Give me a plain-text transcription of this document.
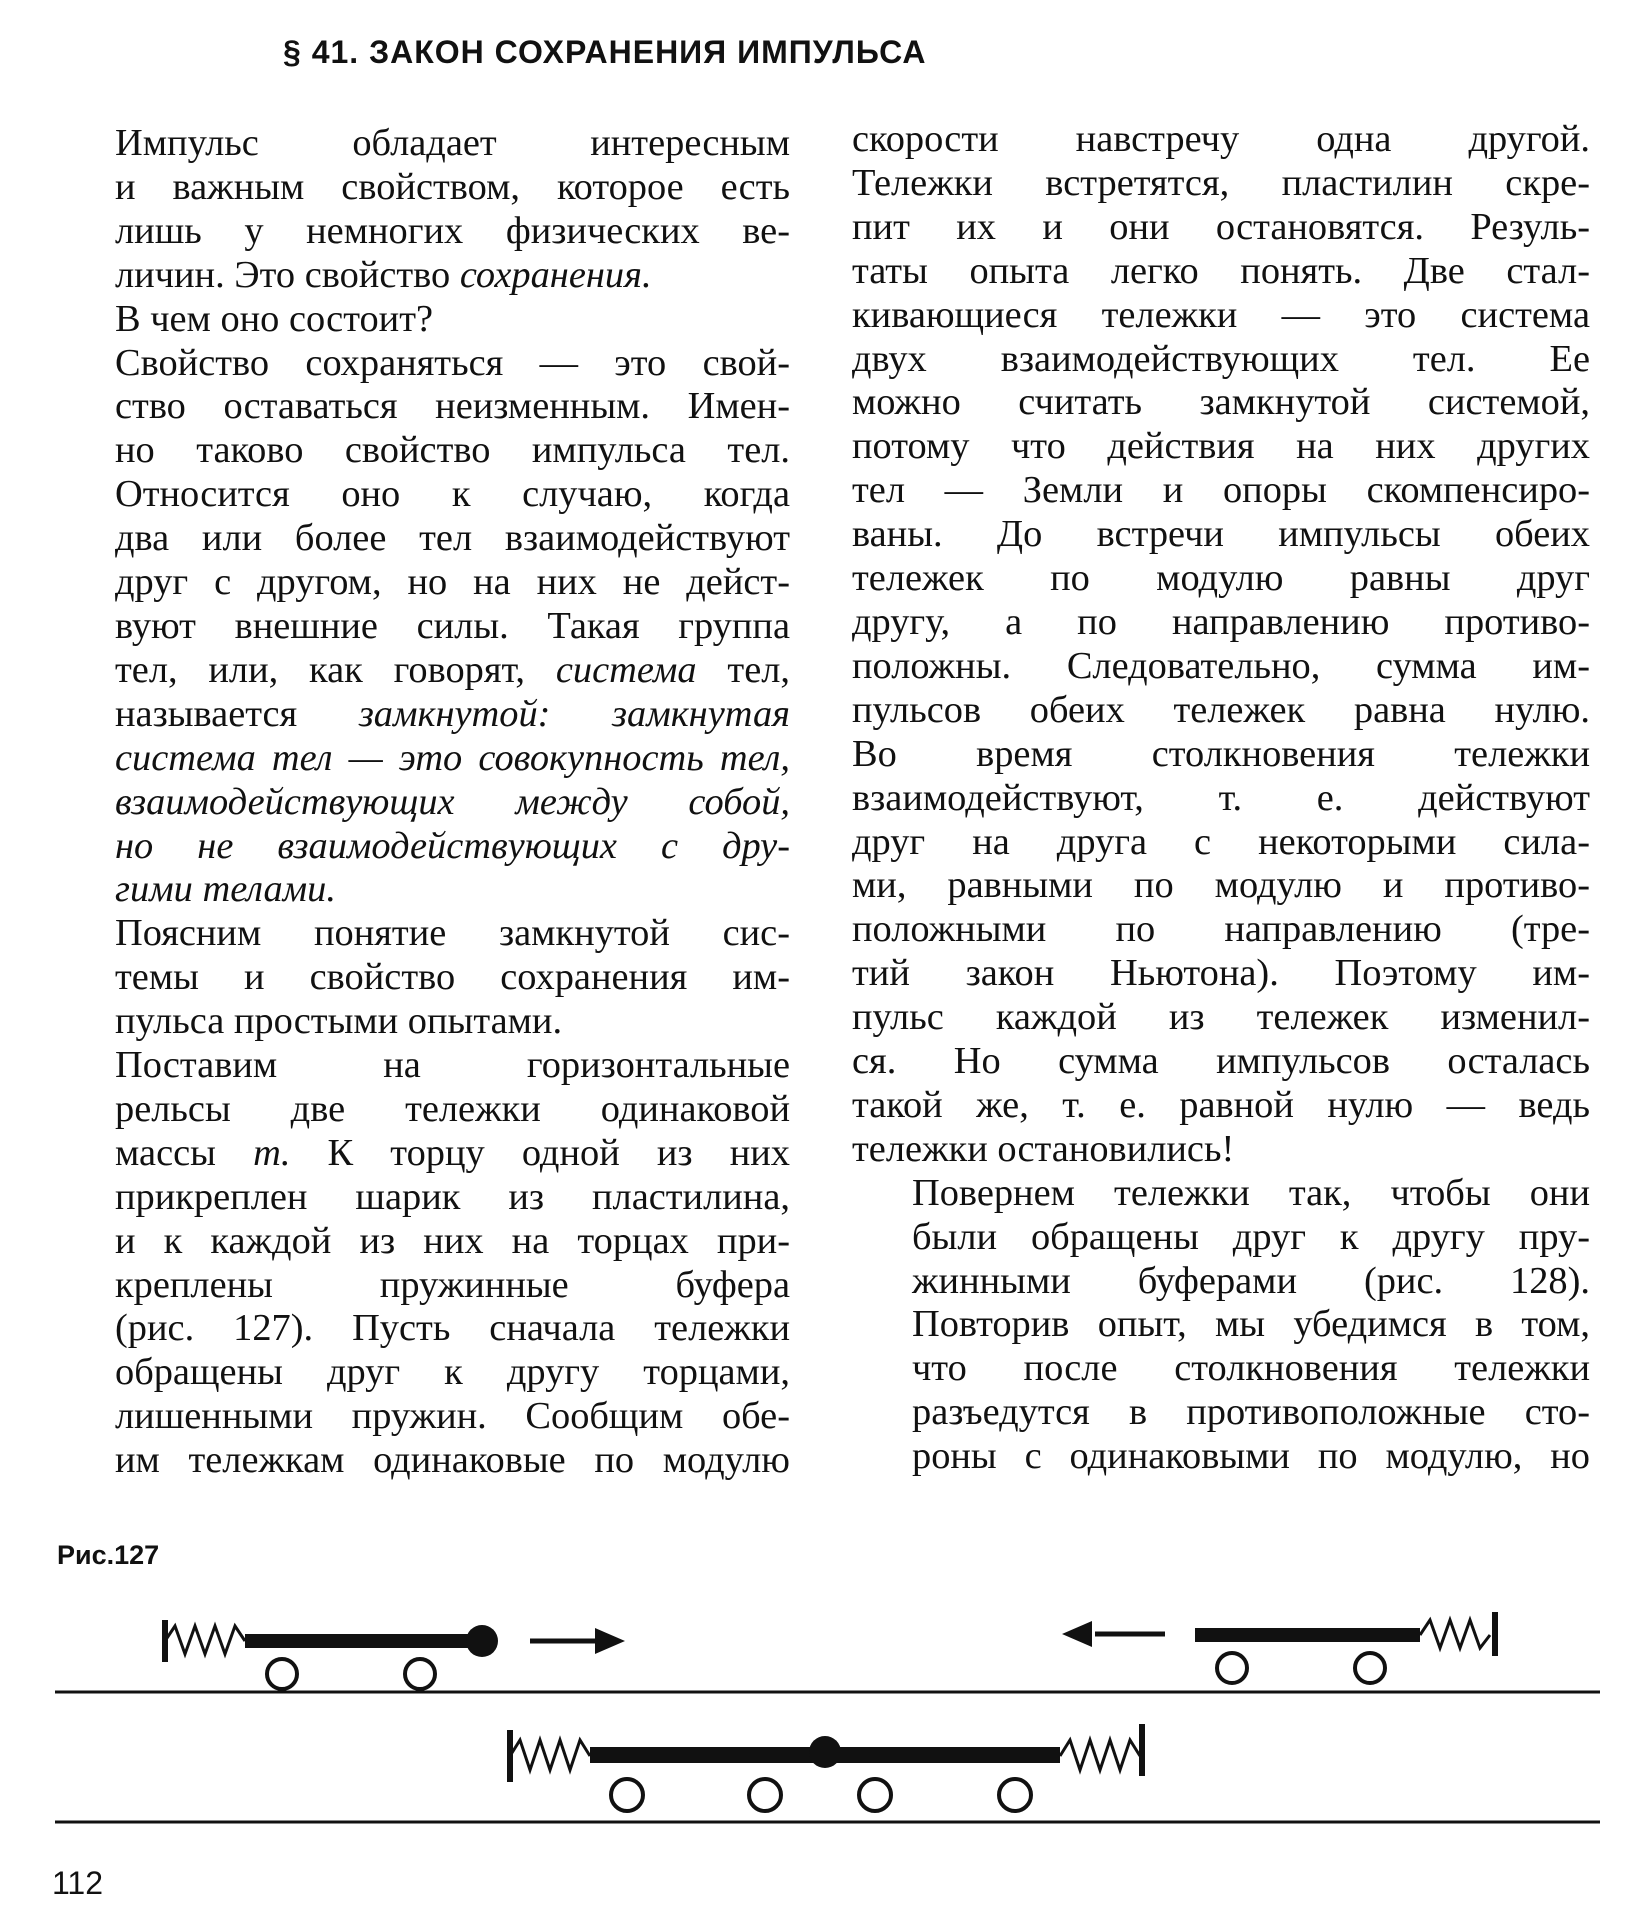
§ 41. ЗАКОН СОХРАНЕНИЯ ИМПУЛЬСА

Импульс обладает интересным
и важным свойством, которое есть
лишь у немногих физических ве-
личин. Это свойство сохранения.

В чем оно состоит?

Свойство сохраняться — это свой-
ство оставаться неизменным. Имен-
но таково свойство импульса тел.
Относится оно к случаю, когда
два или более тел взаимодействуют
друг с другом, но на них не дейст-
вуют внешние силы. Такая группа
тел, или, как говорят, система тел,
называется замкнутой: замкнутая
система тел — это совокупность тел,
взаимодействующих между собой,
но не взаимодействующих с дру-
гими телами.

Поясним понятие замкнутой сис-
темы и свойство сохранения им-
пульса простыми опытами.

Поставим на горизонтальные
рельсы две тележки одинаковой
массы m. К торцу одной из них
прикреплен шарик из пластилина,
и к каждой из них на торцах при-
креплены пружинные буфера
(рис. 127). Пусть сначала тележки
обращены друг к другу торцами,
лишенными пружин. Сообщим обе-
им тележкам одинаковые по модулю

скорости навстречу одна другой.
Тележки встретятся, пластилин скре-
пит их и они остановятся. Резуль-
таты опыта легко понять. Две стал-
кивающиеся тележки — это система
двух взаимодействующих тел. Ее
можно считать замкнутой системой,
потому что действия на них других
тел — Земли и опоры скомпенсиро-
ваны. До встречи импульсы обеих
тележек по модулю равны друг
другу, а по направлению противо-
положны. Следовательно, сумма им-
пульсов обеих тележек равна нулю.
Во время столкновения тележки
взаимодействуют, т. е. действуют
друг на друга с некоторыми сила-
ми, равными по модулю и противо-
положными по направлению (тре-
тий закон Ньютона). Поэтому им-
пульс каждой из тележек изменил-
ся. Но сумма импульсов осталась
такой же, т. е. равной нулю — ведь
тележки остановились!

Повернем тележки так, чтобы они
были обращены друг к другу пру-
жинными буферами (рис. 128).
Повторив опыт, мы убедимся в том,
что после столкновения тележки
разъедутся в противоположные сто-
роны с одинаковыми по модулю, но

Рис.127
112
